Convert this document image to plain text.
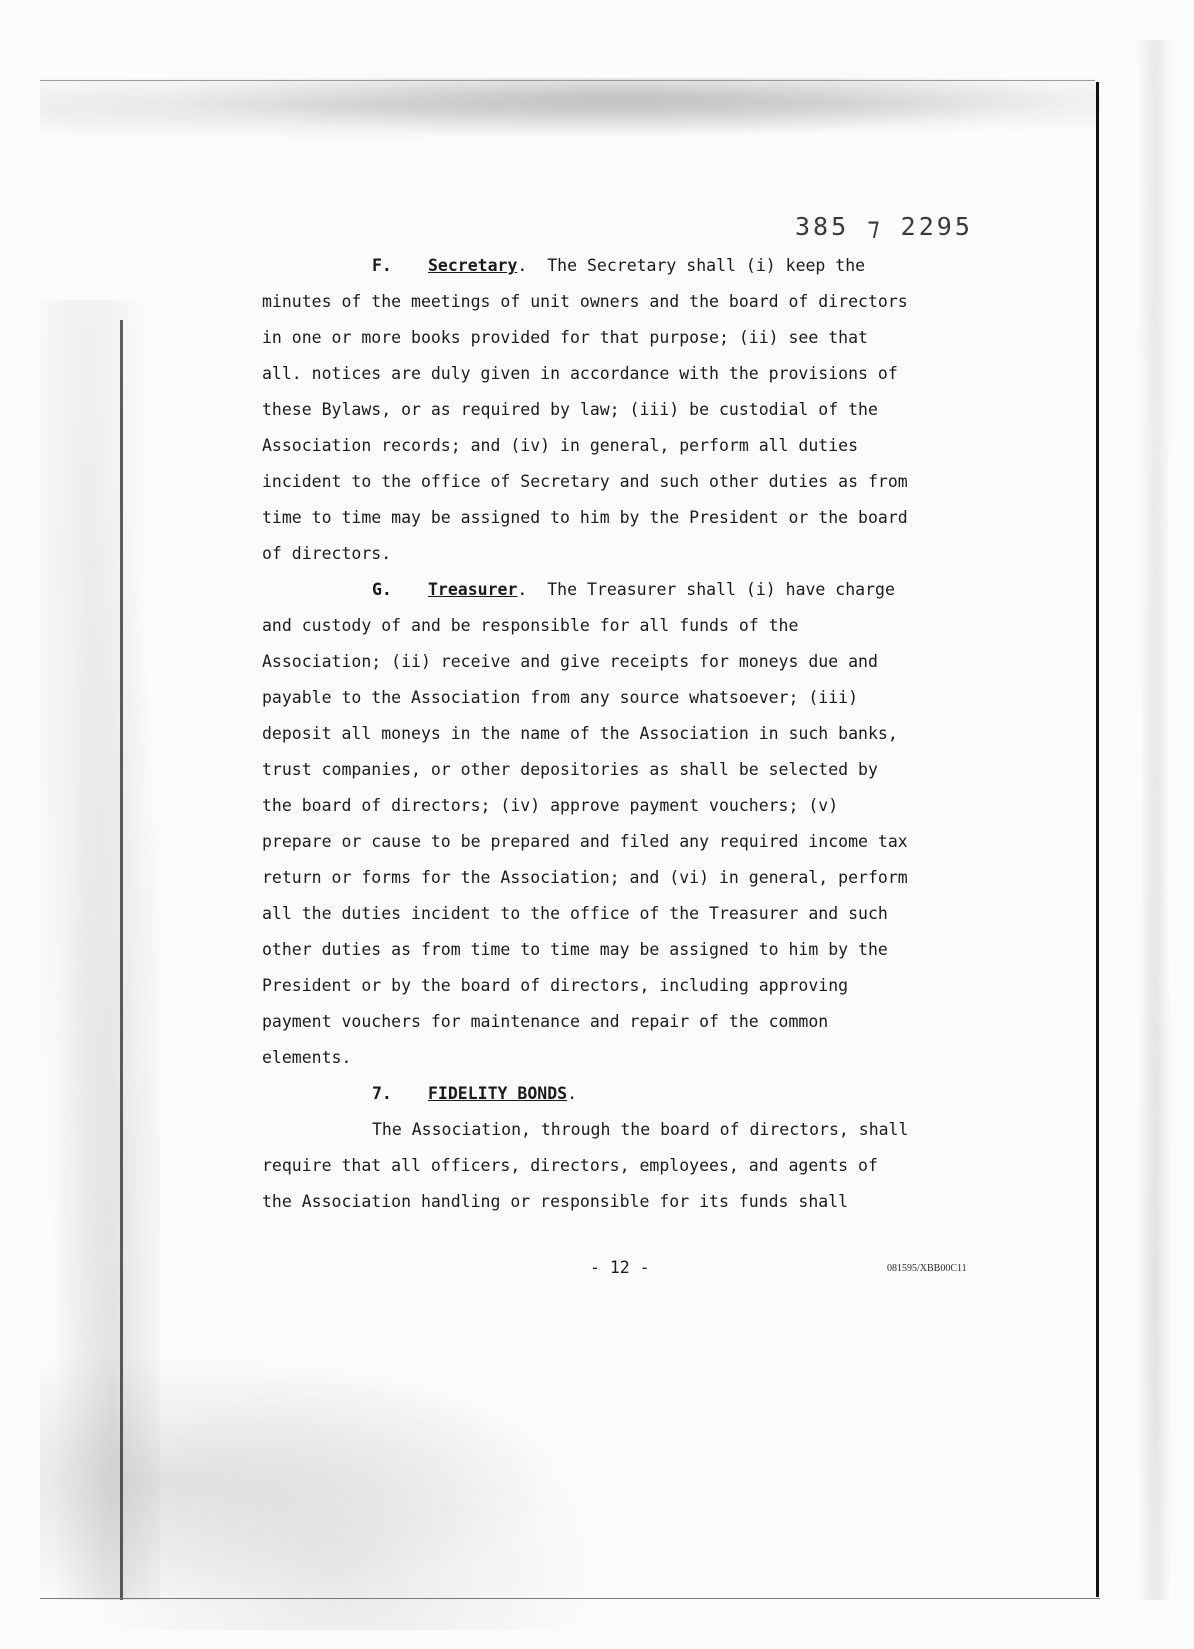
385 ⁊ 2295
F. Secretary. The Secretary shall (i) keep the
minutes of the meetings of unit owners and the board of directors
in one or more books provided for that purpose; (ii) see that
all. notices are duly given in accordance with the provisions of
these Bylaws, or as required by law; (iii) be custodial of the
Association records; and (iv) in general, perform all duties
incident to the office of Secretary and such other duties as from
time to time may be assigned to him by the President or the board
of directors.
G. Treasurer. The Treasurer shall (i) have charge
and custody of and be responsible for all funds of the
Association; (ii) receive and give receipts for moneys due and
payable to the Association from any source whatsoever; (iii)
deposit all moneys in the name of the Association in such banks,
trust companies, or other depositories as shall be selected by
the board of directors; (iv) approve payment vouchers; (v)
prepare or cause to be prepared and filed any required income tax
return or forms for the Association; and (vi) in general, perform
all the duties incident to the office of the Treasurer and such
other duties as from time to time may be assigned to him by the
President or by the board of directors, including approving
payment vouchers for maintenance and repair of the common
elements.
7. FIDELITY BONDS.
The Association, through the board of directors, shall
require that all officers, directors, employees, and agents of
the Association handling or responsible for its funds shall
- 12 -	081595/XBB00C11
